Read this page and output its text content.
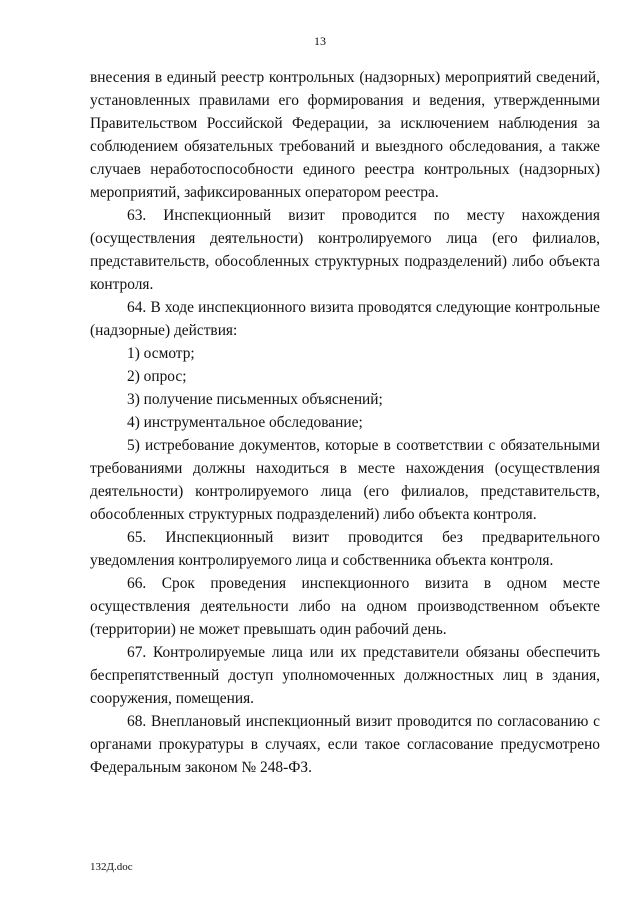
13

внесения в единый реестр контрольных (надзорных) мероприятий сведений, установленных правилами его формирования и ведения, утвержденными Правительством Российской Федерации, за исключением наблюдения за соблюдением обязательных требований и выездного обследования, а также случаев неработоспособности единого реестра контрольных (надзорных) мероприятий, зафиксированных оператором реестра.

63. Инспекционный визит проводится по месту нахождения (осуществления деятельности) контролируемого лица (его филиалов, представительств, обособленных структурных подразделений) либо объекта контроля.

64. В ходе инспекционного визита проводятся следующие контрольные (надзорные) действия:

1) осмотр;

2) опрос;

3) получение письменных объяснений;

4) инструментальное обследование;

5) истребование документов, которые в соответствии с обязательными требованиями должны находиться в месте нахождения (осуществления деятельности) контролируемого лица (его филиалов, представительств, обособленных структурных подразделений) либо объекта контроля.

65. Инспекционный визит проводится без предварительного уведомления контролируемого лица и собственника объекта контроля.

66. Срок проведения инспекционного визита в одном месте осуществления деятельности либо на одном производственном объекте (территории) не может превышать один рабочий день.

67. Контролируемые лица или их представители обязаны обеспечить беспрепятственный доступ уполномоченных должностных лиц в здания, сооружения, помещения.

68. Внеплановый инспекционный визит проводится по согласованию с органами прокуратуры в случаях, если такое согласование предусмотрено Федеральным законом № 248-ФЗ.

132Д.doc
